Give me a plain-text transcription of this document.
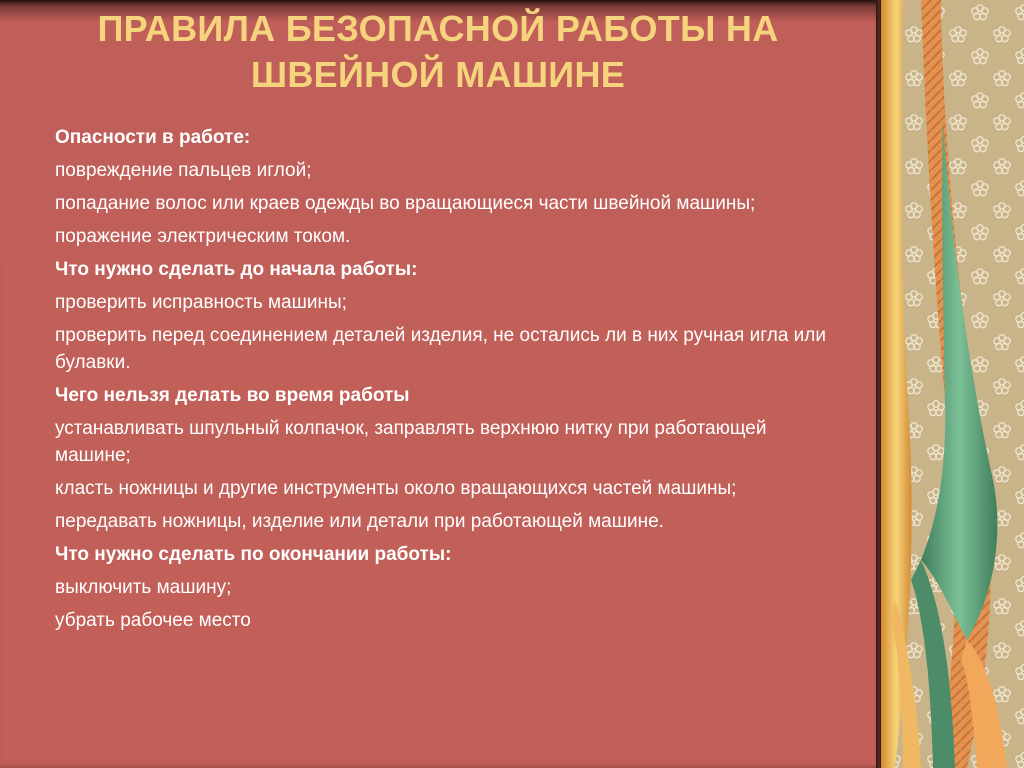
ПРАВИЛА БЕЗОПАСНОЙ РАБОТЫ НА
ШВЕЙНОЙ МАШИНЕ

Опасности в работе:

повреждение пальцев иглой;

попадание волос или краев одежды во вращающиеся части швейной машины;

поражение электрическим током.

Что нужно сделать до начала работы:

проверить исправность машины;

проверить перед соединением деталей изделия, не остались ли в них ручная игла или булавки.

Чего нельзя делать во время работы

устанавливать шпульный колпачок, заправлять верхнюю нитку при работающей машине;

класть ножницы и другие инструменты около вращающихся частей машины;

передавать ножницы, изделие или детали при работающей машине.

Что нужно сделать по окончании работы:

выключить машину;

убрать рабочее место
